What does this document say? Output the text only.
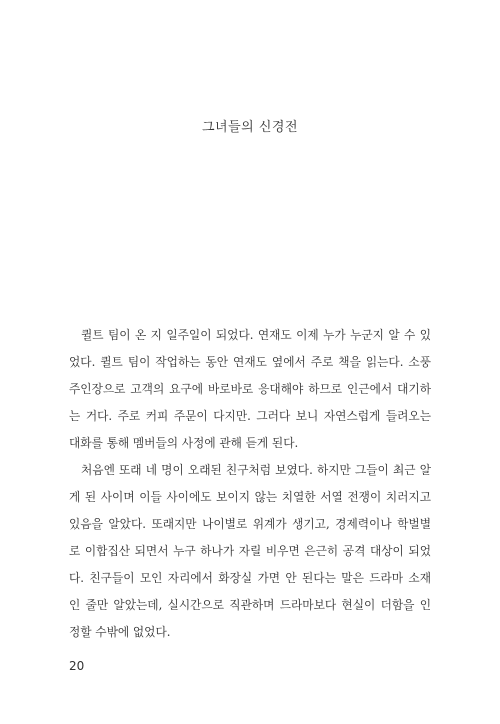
그녀들의 신경전
퀼트 팀이 온 지 일주일이 되었다. 연재도 이제 누가 누군지 알 수 있
었다. 퀼트 팀이 작업하는 동안 연재도 옆에서 주로 책을 읽는다. 소풍
주인장으로 고객의 요구에 바로바로 응대해야 하므로 인근에서 대기하
는 거다. 주로 커피 주문이 다지만. 그러다 보니 자연스럽게 들려오는
대화를 통해 멤버들의 사정에 관해 듣게 된다.
처음엔 또래 네 명이 오래된 친구처럼 보였다. 하지만 그들이 최근 알
게 된 사이며 이들 사이에도 보이지 않는 치열한 서열 전쟁이 치러지고
있음을 알았다. 또래지만 나이별로 위계가 생기고, 경제력이나 학벌별
로 이합집산 되면서 누구 하나가 자릴 비우면 은근히 공격 대상이 되었
다. 친구들이 모인 자리에서 화장실 가면 안 된다는 말은 드라마 소재
인 줄만 알았는데, 실시간으로 직관하며 드라마보다 현실이 더함을 인
정할 수밖에 없었다.
20
